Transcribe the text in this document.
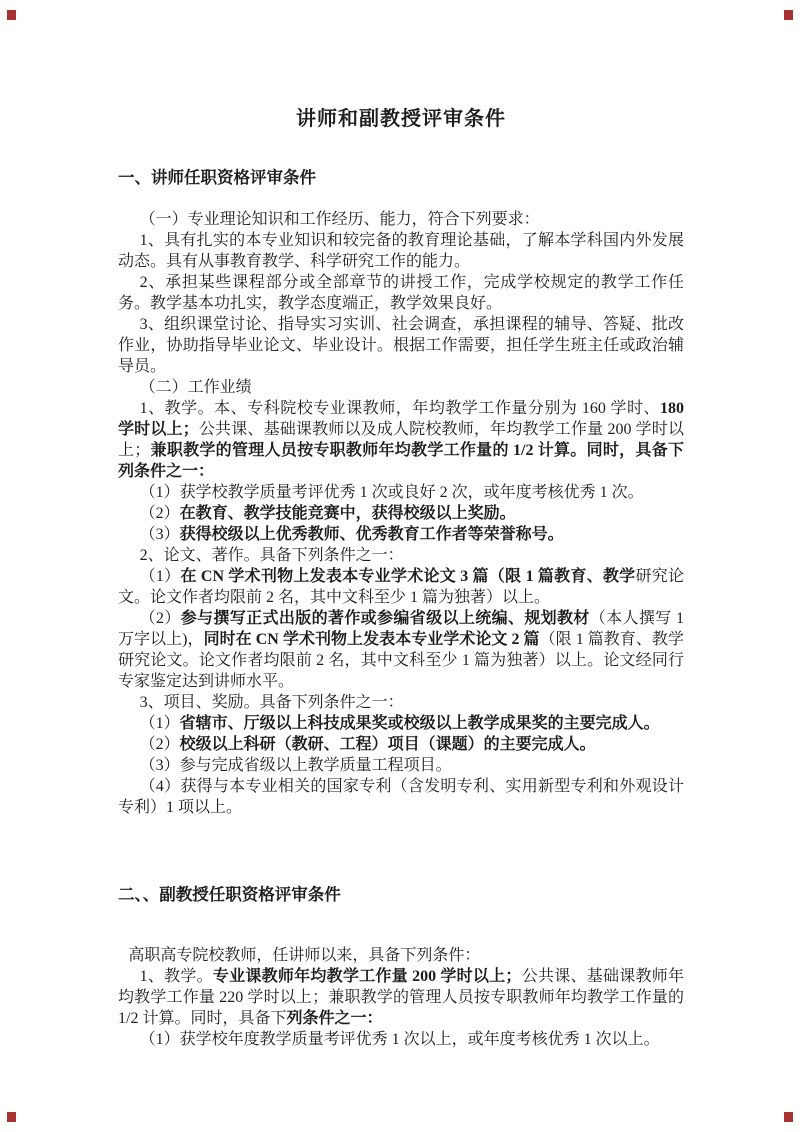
讲师和副教授评审条件
一、讲师任职资格评审条件

（一）专业理论知识和工作经历、能力，符合下列要求：

1、具有扎实的本专业知识和较完备的教育理论基础，了解本学科国内外发展动态。具有从事教育教学、科学研究工作的能力。

2、承担某些课程部分或全部章节的讲授工作，完成学校规定的教学工作任务。教学基本功扎实，教学态度端正，教学效果良好。

3、组织课堂讨论、指导实习实训、社会调查，承担课程的辅导、答疑、批改作业，协助指导毕业论文、毕业设计。根据工作需要，担任学生班主任或政治辅导员。

（二）工作业绩

1、教学。本、专科院校专业课教师，年均教学工作量分别为 160 学时、180 学时以上；公共课、基础课教师以及成人院校教师，年均教学工作量 200 学时以上；兼职教学的管理人员按专职教师年均教学工作量的 1/2 计算。同时，具备下列条件之一：

（1）获学校教学质量考评优秀 1 次或良好 2 次，或年度考核优秀 1 次。

（2）在教育、教学技能竞赛中，获得校级以上奖励。

（3）获得校级以上优秀教师、优秀教育工作者等荣誉称号。

2、论文、著作。具备下列条件之一：

（1）在 CN 学术刊物上发表本专业学术论文 3 篇（限 1 篇教育、教学研究论文。论文作者均限前 2 名，其中文科至少 1 篇为独著）以上。

（2）参与撰写正式出版的著作或参编省级以上统编、规划教材（本人撰写 1 万字以上)，同时在 CN 学术刊物上发表本专业学术论文 2 篇（限 1 篇教育、教学研究论文。论文作者均限前 2 名，其中文科至少 1 篇为独著）以上。论文经同行专家鉴定达到讲师水平。

3、项目、奖励。具备下列条件之一：

（1）省辖市、厅级以上科技成果奖或校级以上教学成果奖的主要完成人。

（2）校级以上科研（教研、工程）项目（课题）的主要完成人。

（3）参与完成省级以上教学质量工程项目。

（4）获得与本专业相关的国家专利（含发明专利、实用新型专利和外观设计专利）1 项以上。

二、、副教授任职资格评审条件

高职高专院校教师，任讲师以来，具备下列条件：

1、教学。专业课教师年均教学工作量 200 学时以上；公共课、基础课教师年均教学工作量 220 学时以上；兼职教学的管理人员按专职教师年均教学工作量的 1/2 计算。同时，具备下列条件之一：

（1）获学校年度教学质量考评优秀 1 次以上，或年度考核优秀 1 次以上。
